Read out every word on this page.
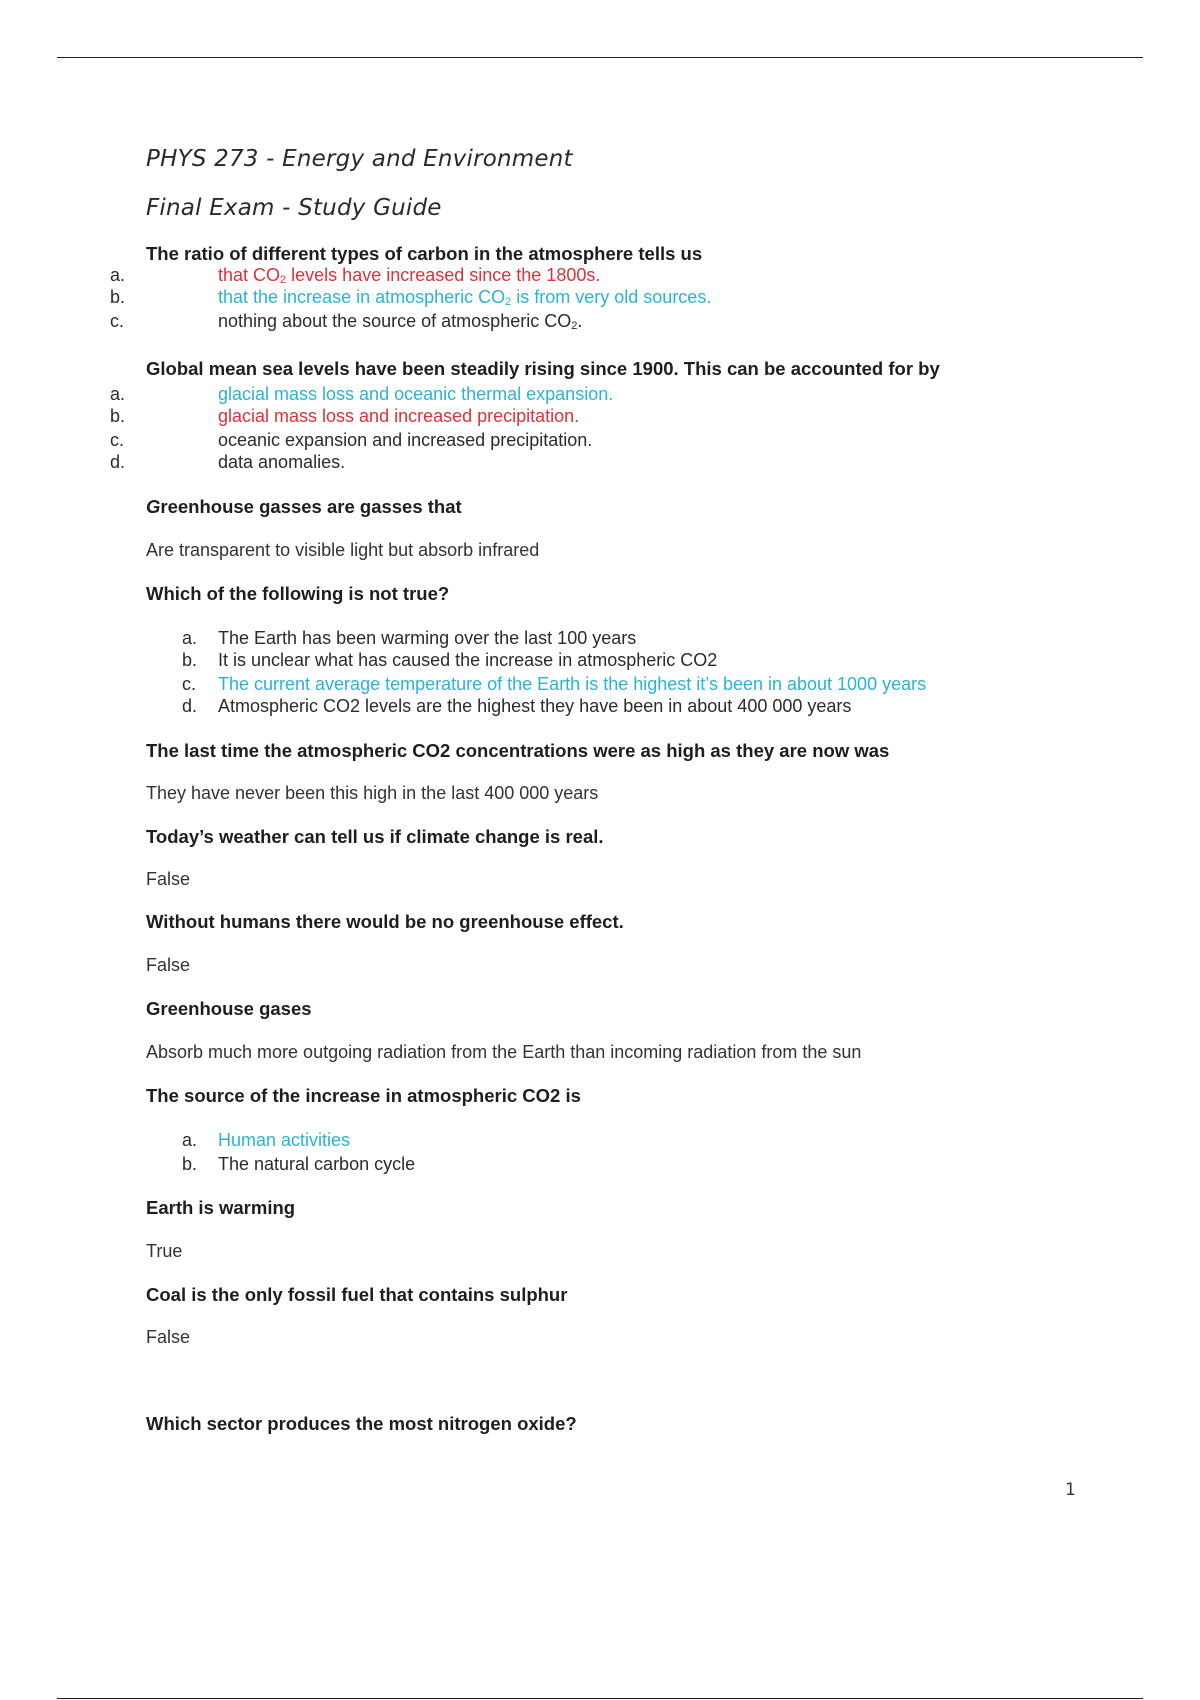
PHYS 273 - Energy and Environment
Final Exam - Study Guide

The ratio of different types of carbon in the atmosphere tells us

a.	that $CO_2$ levels have increased since the 1800s.
b.	that the increase in atmospheric $CO_2$ is from very old sources.
c.	nothing about the source of atmospheric $CO_2$.

Global mean sea levels have been steadily rising since 1900. This can be accounted for by

a.	glacial mass loss and oceanic thermal expansion.
b.	glacial mass loss and increased precipitation.
c.	oceanic expansion and increased precipitation.
d.	data anomalies.

Greenhouse gasses are gasses that

Are transparent to visible light but absorb infrared

Which of the following is not true?

a. The Earth has been warming over the last 100 years
b. It is unclear what has caused the increase in atmospheric CO2
c. The current average temperature of the Earth is the highest it’s been in about 1000 years
d. Atmospheric CO2 levels are the highest they have been in about 400 000 years

The last time the atmospheric CO2 concentrations were as high as they are now was

They have never been this high in the last 400 000 years

Today’s weather can tell us if climate change is real.

False

Without humans there would be no greenhouse effect.

False

Greenhouse gases

Absorb much more outgoing radiation from the Earth than incoming radiation from the sun

The source of the increase in atmospheric CO2 is

a. Human activities
b. The natural carbon cycle

Earth is warming

True

Coal is the only fossil fuel that contains sulphur

False

Which sector produces the most nitrogen oxide?

1
